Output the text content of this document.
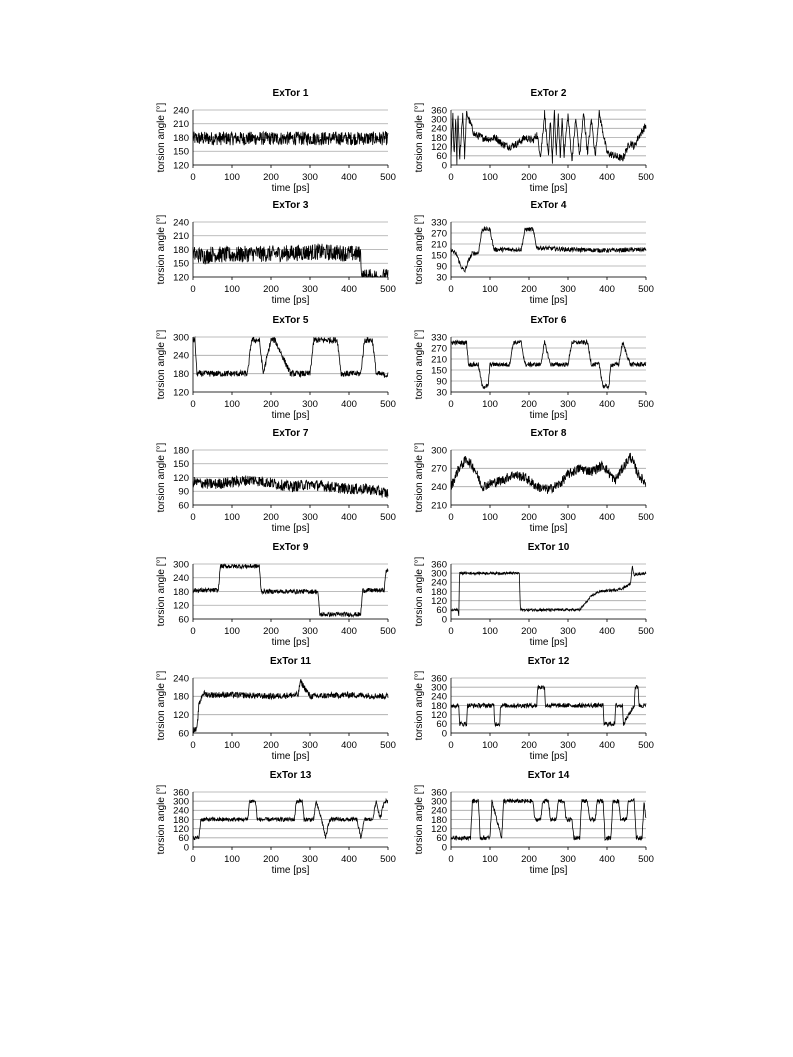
120
150
180
210
240
0	100 200 300 400 500
ExTor 1
time [ps]
torsion angle [°]	0
60
120
180
240
300
360
0	100 200 300 400 500
ExTor 2
time [ps]
torsion angle [°]
120
150
180
210
240
0	100 200 300 400 500
ExTor 3
time [ps]
torsion angle [°]	30
90
150
210
270
330
0	100 200 300 400 500
ExTor 4
time [ps]
torsion angle [°]
120
180
240
300
0	100 200 300 400 500
ExTor 5
time [ps]
torsion angle [°]	30
90
150
210
270
330
0	100 200 300 400 500
ExTor 6
time [ps]
torsion angle [°]
60
90
120
150
180
0	100 200 300 400 500
ExTor 7
time [ps]
torsion angle [°]	210
240
270
300
0	100 200 300 400 500
ExTor 8
time [ps]
torsion angle [°]
60
120
180
240
300
0	100 200 300 400 500
ExTor 9
time [ps]
torsion angle [°]	0
60
120
180
240
300
360
0	100 200 300 400 500
ExTor 10
time [ps]
torsion angle [°]
60
120
180
240
0	100 200 300 400 500
ExTor 11
time [ps]
torsion angle [°]	0
60
120
180
240
300
360
0	100 200 300 400 500
ExTor 12
time [ps]
torsion angle [°]
0
60
120
180
240
300
360
0	100 200 300 400 500
ExTor 13
time [ps]
torsion angle [°]	0
60
120
180
240
300
360
0	100 200 300 400 500
ExTor 14
time [ps]
torsion angle [°]
